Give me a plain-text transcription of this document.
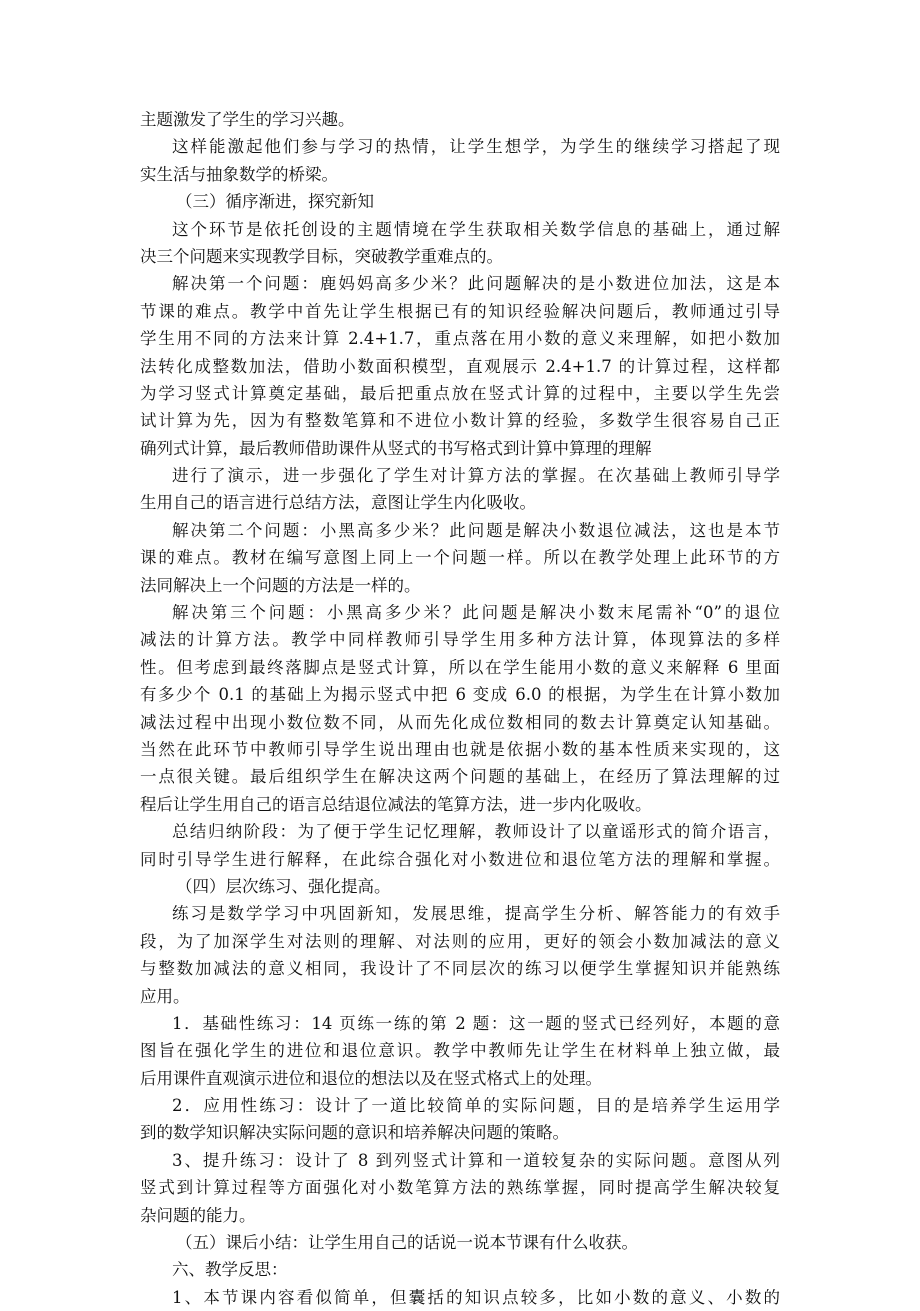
主题激发了学生的学习兴趣。
这样能激起他们参与学习的热情，让学生想学，为学生的继续学习搭起了现
实生活与抽象数学的桥梁。
（三）循序渐进，探究新知
这个环节是依托创设的主题情境在学生获取相关数学信息的基础上，通过解
决三个问题来实现教学目标，突破教学重难点的。
解决第一个问题：鹿妈妈高多少米？此问题解决的是小数进位加法，这是本
节课的难点。教学中首先让学生根据已有的知识经验解决问题后，教师通过引导
学生用不同的方法来计算 2.4+1.7，重点落在用小数的意义来理解，如把小数加
法转化成整数加法，借助小数面积模型，直观展示 2.4+1.7 的计算过程，这样都
为学习竖式计算奠定基础，最后把重点放在竖式计算的过程中，主要以学生先尝
试计算为先，因为有整数笔算和不进位小数计算的经验，多数学生很容易自己正
确列式计算，最后教师借助课件从竖式的书写格式到计算中算理的理解
进行了演示，进一步强化了学生对计算方法的掌握。在次基础上教师引导学
生用自己的语言进行总结方法，意图让学生内化吸收。
解决第二个问题：小黑高多少米？此问题是解决小数退位减法，这也是本节
课的难点。教材在编写意图上同上一个问题一样。所以在教学处理上此环节的方
法同解决上一个问题的方法是一样的。
解决第三个问题：小黑高多少米？此问题是解决小数末尾需补“0”的退位
减法的计算方法。教学中同样教师引导学生用多种方法计算，体现算法的多样
性。但考虑到最终落脚点是竖式计算，所以在学生能用小数的意义来解释 6 里面
有多少个 0.1 的基础上为揭示竖式中把 6 变成 6.0 的根据，为学生在计算小数加
减法过程中出现小数位数不同，从而先化成位数相同的数去计算奠定认知基础。
当然在此环节中教师引导学生说出理由也就是依据小数的基本性质来实现的，这
一点很关键。最后组织学生在解决这两个问题的基础上，在经历了算法理解的过
程后让学生用自己的语言总结退位减法的笔算方法，进一步内化吸收。
总结归纳阶段：为了便于学生记忆理解，教师设计了以童谣形式的简介语言，
同时引导学生进行解释，在此综合强化对小数进位和退位笔方法的理解和掌握。
（四）层次练习、强化提高。
练习是数学学习中巩固新知，发展思维，提高学生分析、解答能力的有效手
段，为了加深学生对法则的理解、对法则的应用，更好的领会小数加减法的意义
与整数加减法的意义相同，我设计了不同层次的练习以便学生掌握知识并能熟练
应用。
1．基础性练习：14 页练一练的第 2 题：这一题的竖式已经列好，本题的意
图旨在强化学生的进位和退位意识。教学中教师先让学生在材料单上独立做，最
后用课件直观演示进位和退位的想法以及在竖式格式上的处理。
2．应用性练习：设计了一道比较简单的实际问题，目的是培养学生运用学
到的数学知识解决实际问题的意识和培养解决问题的策略。
3、提升练习：设计了 8 到列竖式计算和一道较复杂的实际问题。意图从列
竖式到计算过程等方面强化对小数笔算方法的熟练掌握，同时提高学生解决较复
杂问题的能力。
（五）课后小结：让学生用自己的话说一说本节课有什么收获。
六、教学反思：
1、本节课内容看似简单，但囊括的知识点较多，比如小数的意义、小数的
